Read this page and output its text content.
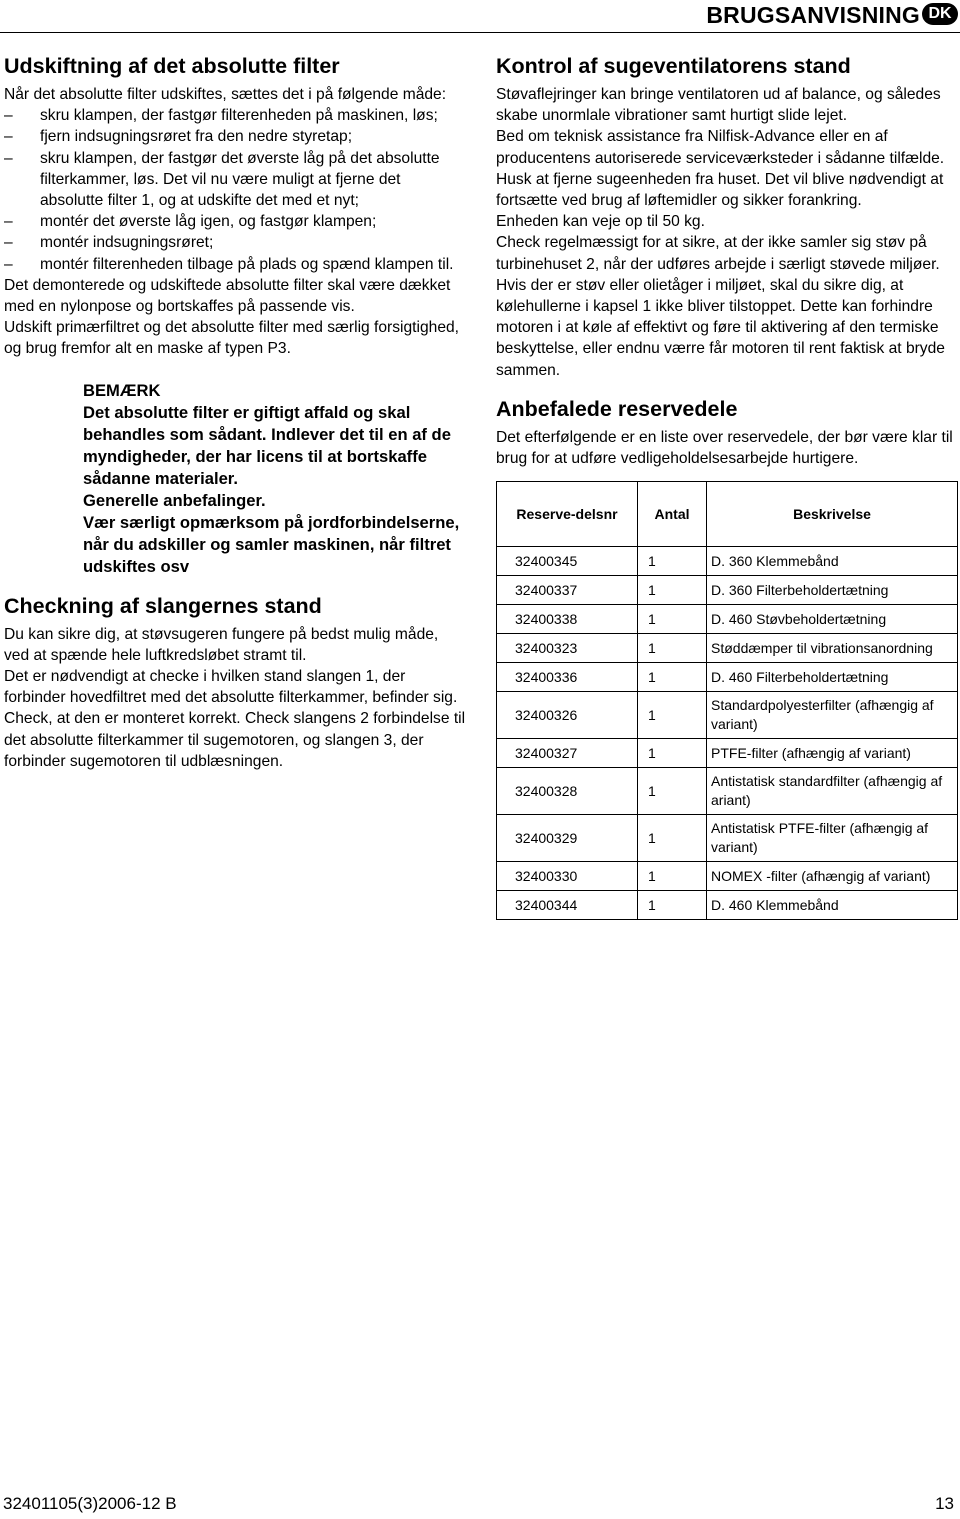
BRUGSANVISNING DK
Udskiftning af det absolutte filter

Når det absolutte filter udskiftes, sættes det i på følgende måde:

– skru klampen, der fastgør filterenheden på maskinen, løs;
– fjern indsugningsrøret fra den nedre styretap;
– skru klampen, der fastgør det øverste låg på det absolutte filterkammer, løs. Det vil nu være muligt at fjerne det absolutte filter 1, og at udskifte det med et nyt;
– montér det øverste låg igen, og fastgør klampen;
– montér indsugningsrøret;
– montér filterenheden tilbage på plads og spænd klampen til.

Det demonterede og udskiftede absolutte filter skal være dækket med en nylonpose og bortskaffes på passende vis.

Udskift primærfiltret og det absolutte filter med særlig forsigtighed, og brug fremfor alt en maske af typen P3.

BEMÆRK
Det absolutte filter er giftigt affald og skal behandles som sådant. Indlever det til en af de myndigheder, der har licens til at bortskaffe sådanne materialer.
Generelle anbefalinger.
Vær særligt opmærksom på jordforbindelserne, når du adskiller og samler maskinen, når filtret udskiftes osv
Checkning af slangernes stand

Du kan sikre dig, at støvsugeren fungere på bedst mulig måde, ved at spænde hele luftkredsløbet stramt til.

Det er nødvendigt at checke i hvilken stand slangen 1, der forbinder hovedfiltret med det absolutte filterkammer, befinder sig.

Check, at den er monteret korrekt. Check slangens 2 forbindelse til det absolutte filterkammer til sugemotoren, og slangen 3, der forbinder sugemotoren til udblæsningen.

Kontrol af sugeventilatorens stand

Støvaflejringer kan bringe ventilatoren ud af balance, og således skabe unormlale vibrationer samt hurtigt slide lejet.

Bed om teknisk assistance fra Nilfisk-Advance eller en af producentens autoriserede serviceværksteder i sådanne tilfælde.

Husk at fjerne sugeenheden fra huset. Det vil blive nødvendigt at fortsætte ved brug af løftemidler og sikker forankring.

Enheden kan veje op til 50 kg.

Check regelmæssigt for at sikre, at der ikke samler sig støv på turbinehuset 2, når der udføres arbejde i særligt støvede miljøer.

Hvis der er støv eller olietåger i miljøet, skal du sikre dig, at kølehullerne i kapsel 1 ikke bliver tilstoppet. Dette kan forhindre motoren i at køle af effektivt og føre til aktivering af den termiske beskyttelse, eller endnu værre får motoren til rent faktisk at bryde sammen.

Anbefalede reservedele

Det efterfølgende er en liste over reservedele, der bør være klar til brug for at udføre vedligeholdelsesarbejde hurtigere.

Reserve-delsnr	Antal	Beskrivelse
32400345	1	D. 360 Klemmebånd
32400337	1	D. 360 Filterbeholdertætning
32400338	1	D. 460 Støvbeholdertætning
32400323	1	Støddæmper til vibrationsanordning
32400336	1	D. 460 Filterbeholdertætning
32400326	1	Standardpolyesterfilter (afhængig af variant)
32400327	1	PTFE-filter (afhængig af variant)
32400328	1	Antistatisk standardfilter (afhængig af ariant)
32400329	1	Antistatisk PTFE-filter (afhængig af variant)
32400330	1	NOMEX -filter (afhængig af variant)
32400344	1	D. 460 Klemmebånd
32401105(3)2006-12 B	13
